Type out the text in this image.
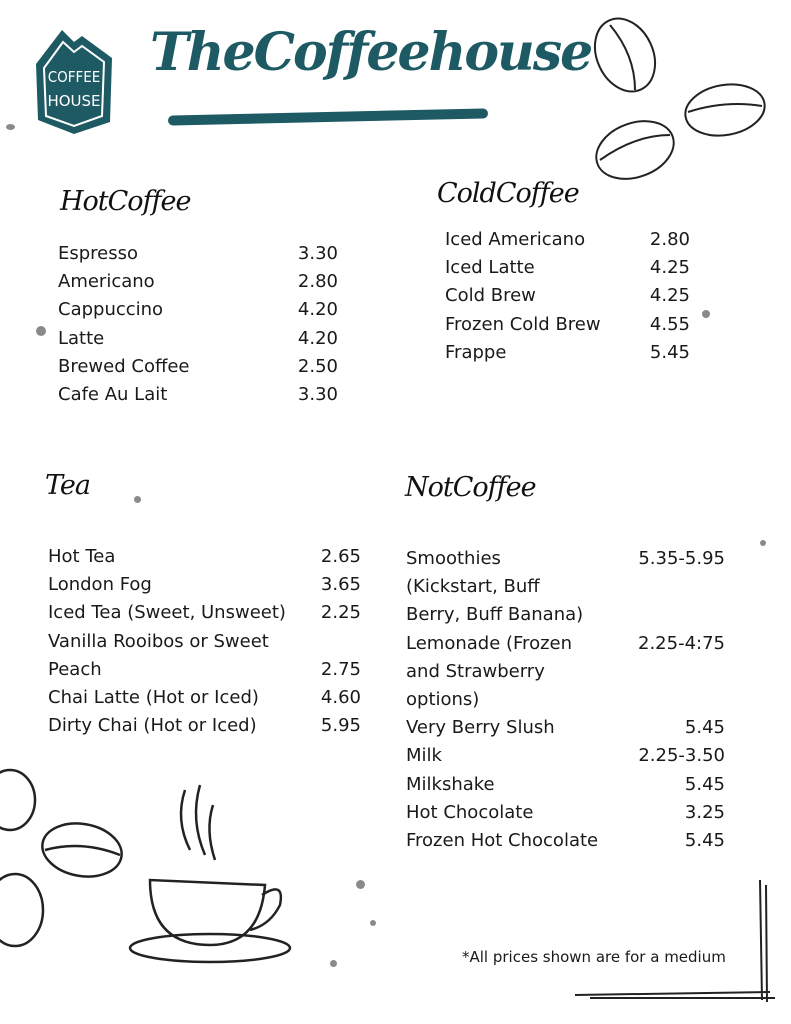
COFFEE
HOUSE
TheCoffeehouse
HotCoffee
Espresso	3.30
Americano	2.80
Cappuccino	4.20
Latte	4.20
Brewed Coffee	2.50
Cafe Au Lait	3.30
ColdCoffee
Iced Americano	2.80
Iced Latte	4.25
Cold Brew	4.25
Frozen Cold Brew	4.55
Frappe	5.45
Tea
Hot Tea	2.65
London Fog	3.65
Iced Tea (Sweet, Unsweet) 2.25
Vanilla Rooibos or Sweet
Peach	2.75
Chai Latte (Hot or Iced)	4.60
Dirty Chai (Hot or Iced)	5.95
NotCoffee
Smoothies	5.35-5.95
(Kickstart, Buff
Berry, Buff Banana)
Lemonade (Frozen	2.25-4:75
and Strawberry
options)
Very Berry Slush	5.45
Milk	2.25-3.50
Milkshake	5.45
Hot Chocolate	3.25
Frozen Hot Chocolate	5.45
*All prices shown are for a medium
